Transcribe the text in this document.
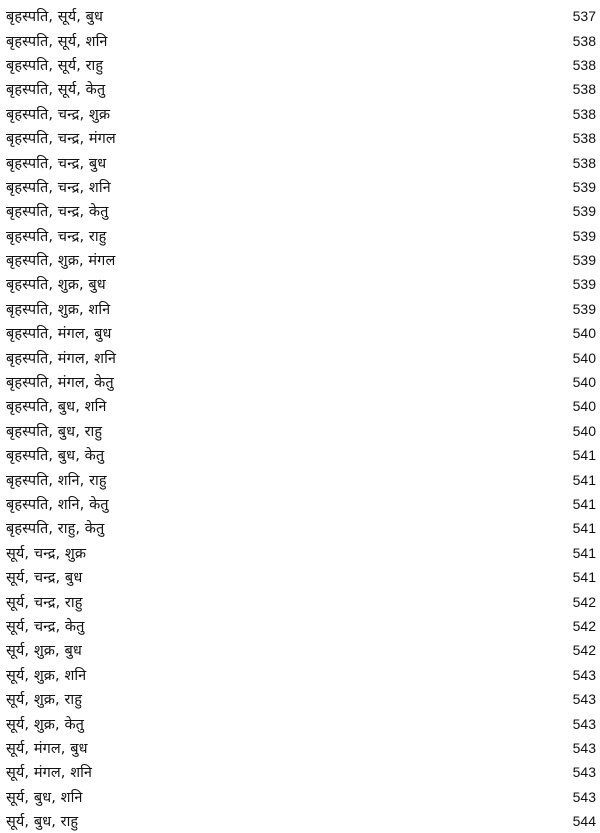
बृहस्पति, सूर्य, बुध	537
बृहस्पति, सूर्य, शनि	538
बृहस्पति, सूर्य, राहु	538
बृहस्पति, सूर्य, केतु	538
बृहस्पति, चन्द्र, शुक्र	538
बृहस्पति, चन्द्र, मंगल	538
बृहस्पति, चन्द्र, बुध	538
बृहस्पति, चन्द्र, शनि	539
बृहस्पति, चन्द्र, केतु	539
बृहस्पति, चन्द्र, राहु	539
बृहस्पति, शुक्र, मंगल	539
बृहस्पति, शुक्र, बुध	539
बृहस्पति, शुक्र, शनि	539
बृहस्पति, मंगल, बुध	540
बृहस्पति, मंगल, शनि	540
बृहस्पति, मंगल, केतु	540
बृहस्पति, बुध, शनि	540
बृहस्पति, बुध, राहु	540
बृहस्पति, बुध, केतु	541
बृहस्पति, शनि, राहु	541
बृहस्पति, शनि, केतु	541
बृहस्पति, राहु, केतु	541
सूर्य, चन्द्र, शुक्र	541
सूर्य, चन्द्र, बुध	541
सूर्य, चन्द्र, राहु	542
सूर्य, चन्द्र, केतु	542
सूर्य, शुक्र, बुध	542
सूर्य, शुक्र, शनि	543
सूर्य, शुक्र, राहु	543
सूर्य, शुक्र, केतु	543
सूर्य, मंगल, बुध	543
सूर्य, मंगल, शनि	543
सूर्य, बुध, शनि	543
सूर्य, बुध, राहु	544
